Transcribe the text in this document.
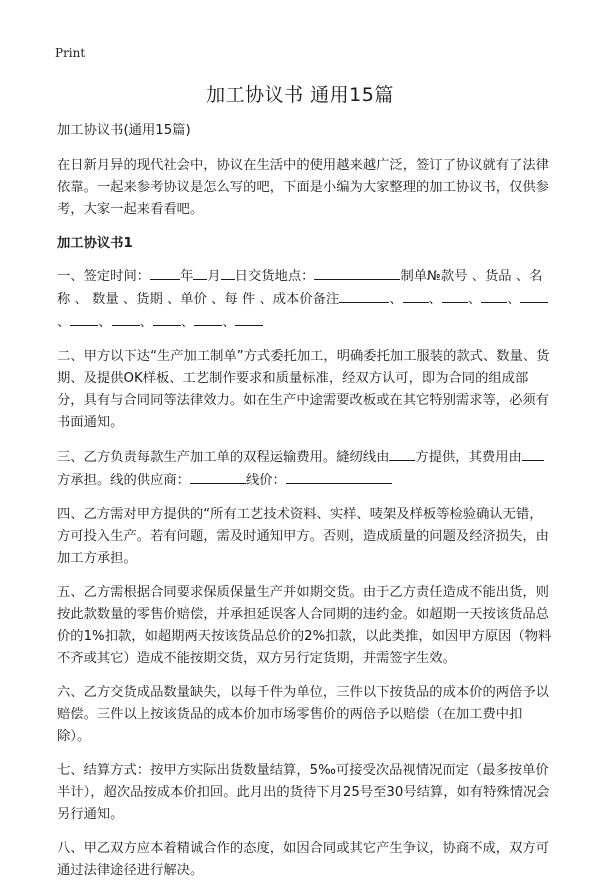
Print
加工协议书 通用15篇

加工协议书(通用15篇)

在日新月异的现代社会中，协议在生活中的使用越来越广泛，签订了协议就有了法律依靠。一起来参考协议是怎么写的吧，下面是小编为大家整理的加工协议书，仅供参考，大家一起来看看吧。

加工协议书1

一、签定时间： 年 月 日交货地点：	制单№款号 、货品 、名称 、 数量 、货期 、单价 、每 件 、成本价备注	、 、 、 、、 、 、 、 、

二、甲方以下达“生产加工制单”方式委托加工，明确委托加工服装的款式、数量、货期、及提供OK样板、工艺制作要求和质量标准，经双方认可，即为合同的组成部分，具有与合同同等法律效力。如在生产中途需要改板或在其它特别需求等，必须有书面通知。

三、乙方负责每款生产加工单的双程运输费用。縫纫线由 方提供，其费用由方承担。线的供应商：	线价：

四、乙方需对甲方提供的“所有工艺技术资料、实样、唛架及样板等检验确认无错，方可投入生产。若有问题，需及时通知甲方。否则，造成质量的问题及经济损失，由加工方承担。

五、乙方需根据合同要求保质保量生产并如期交货。由于乙方责任造成不能出货，则按此款数量的零售价赔偿，并承担延误客人合同期的违约金。如超期一天按该货品总价的1%扣款，如超期两天按该货品总价的2%扣款，以此类推，如因甲方原因（物料不齐或其它）造成不能按期交货，双方另行定货期，并需签字生效。

六、乙方交货成品数量缺失，以每千件为单位，三件以下按货品的成本价的两倍予以赔偿。三件以上按该货品的成本价加市场零售价的两倍予以赔偿（在加工费中扣除）。

七、结算方式：按甲方实际出货数量结算，5‰可接受次品视情况而定（最多按单价半计），超次品按成本价扣回。此月出的货待下月25号至30号结算，如有特殊情况会另行通知。

八、甲乙双方应本着精诚合作的态度，如因合同或其它产生争议，协商不成，双方可通过法律途径进行解决。
